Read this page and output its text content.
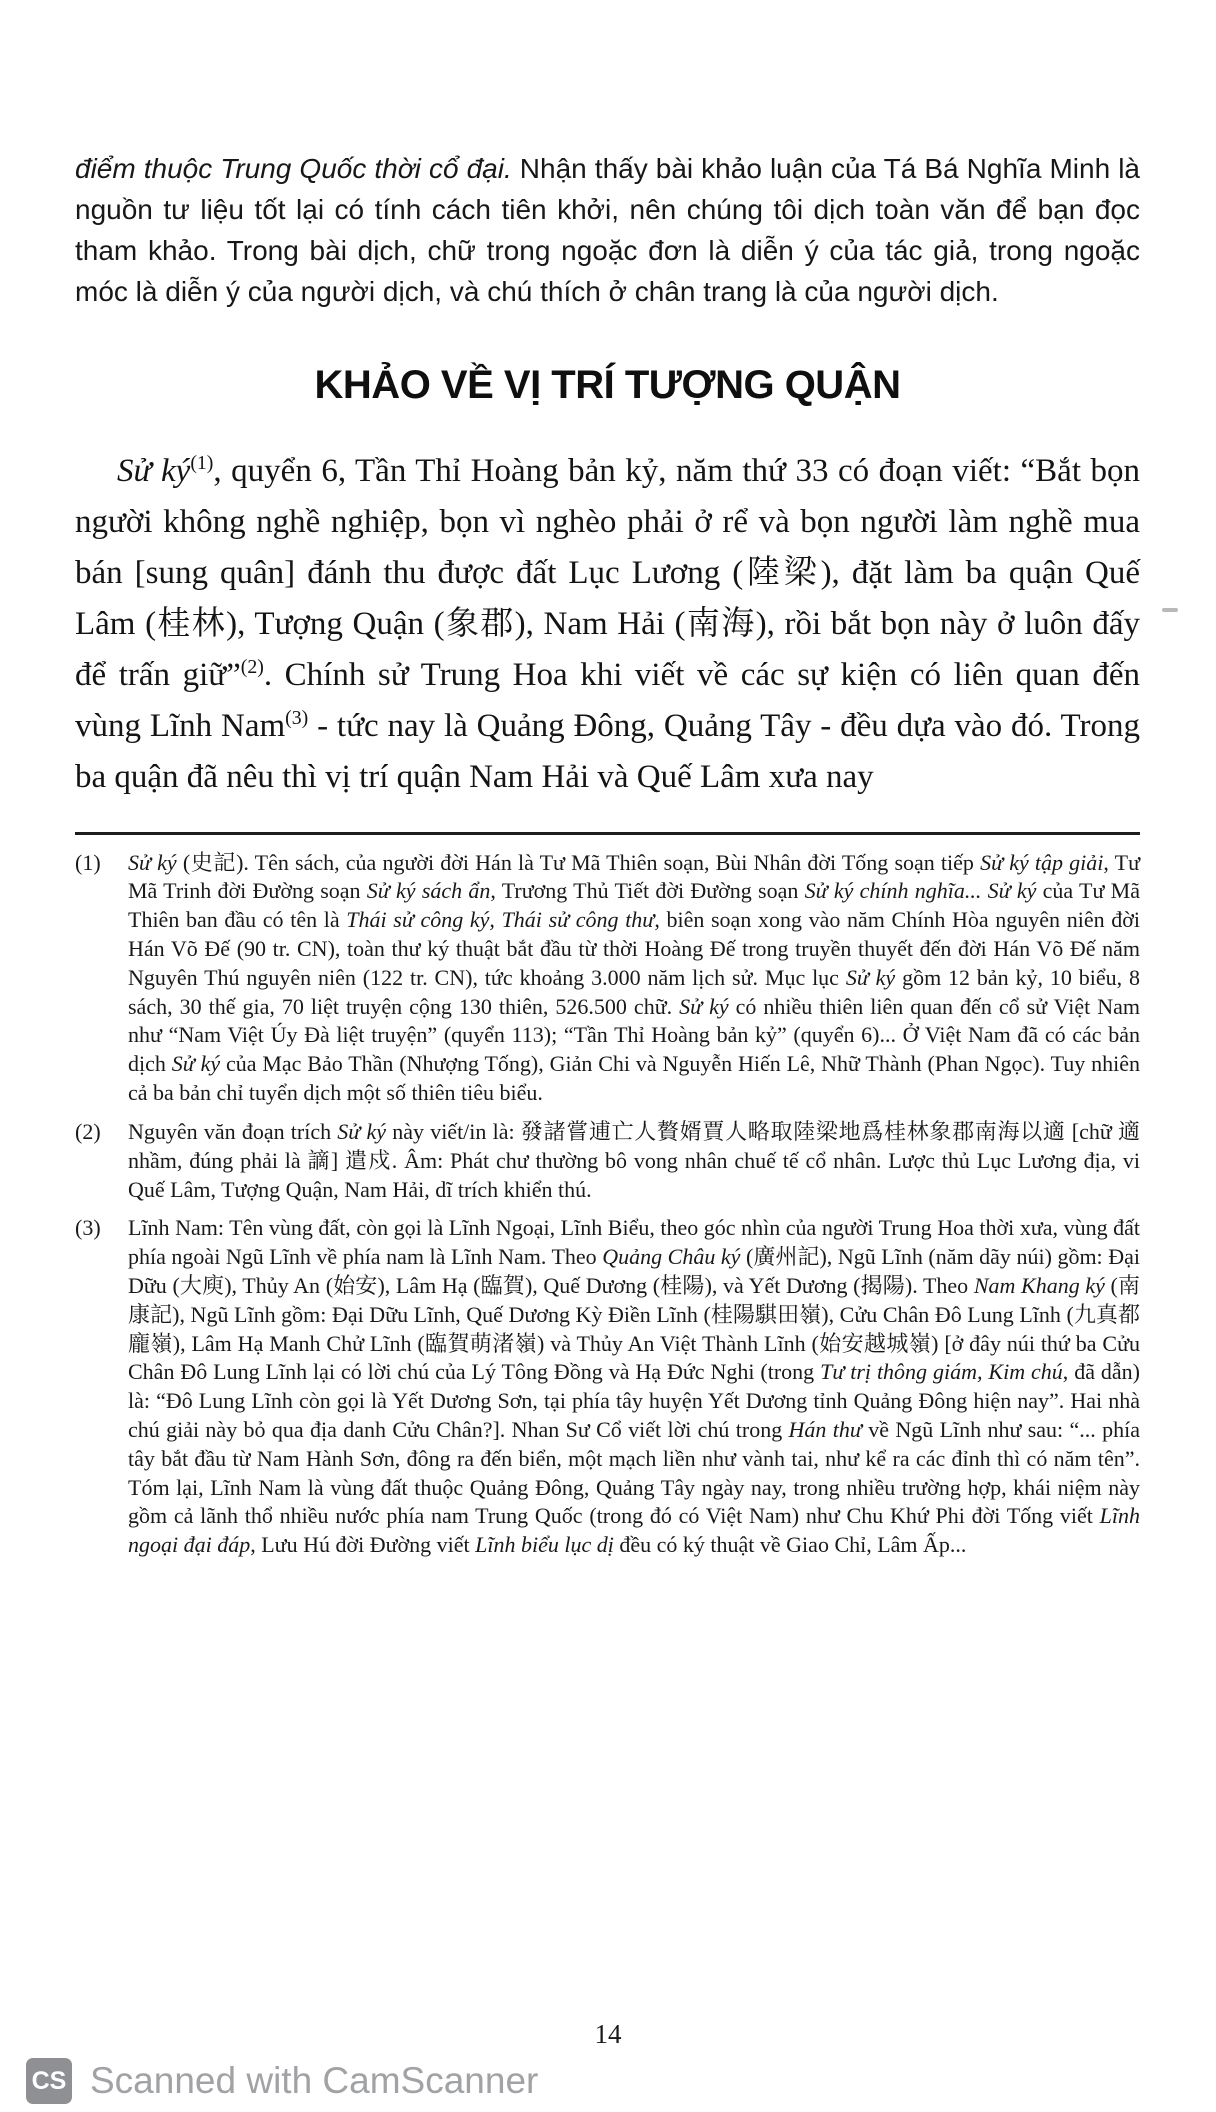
điểm thuộc Trung Quốc thời cổ đại. Nhận thấy bài khảo luận của Tá Bá Nghĩa Minh là nguồn tư liệu tốt lại có tính cách tiên khởi, nên chúng tôi dịch toàn văn để bạn đọc tham khảo. Trong bài dịch, chữ trong ngoặc đơn là diễn ý của tác giả, trong ngoặc móc là diễn ý của người dịch, và chú thích ở chân trang là của người dịch.

KHẢO VỀ VỊ TRÍ TƯỢNG QUẬN

Sử $ký^{(1)}$, quyển 6, Tần Thỉ Hoàng bản kỷ, năm thứ 33 có đoạn viết: “Bắt bọn người không nghề nghiệp, bọn vì nghèo phải ở rể và bọn người làm nghề mua bán [sung quân] đánh thu được đất Lục Lương (陸梁), đặt làm ba quận Quế Lâm (桂林), Tượng Quận (象郡), Nam Hải (南海), rồi bắt bọn này ở luôn đấy để trấn giữ”$^{(2)}$. Chính sử Trung Hoa khi viết về các sự kiện có liên quan đến vùng Lĩnh Nam$^{(3)}$ - tức nay là Quảng Đông, Quảng Tây - đều dựa vào đó. Trong ba quận đã nêu thì vị trí quận Nam Hải và Quế Lâm xưa nay

(1)	Sử ký (史記). Tên sách, của người đời Hán là Tư Mã Thiên soạn, Bùi Nhân đời Tống soạn tiếp Sử ký tập giải, Tư Mã Trinh đời Đường soạn Sử ký sách ẩn, Trương Thủ Tiết đời Đường soạn Sử ký chính nghĩa... Sử ký của Tư Mã Thiên ban đầu có tên là Thái sử công ký, Thái sử công thư, biên soạn xong vào năm Chính Hòa nguyên niên đời Hán Võ Đế (90 tr. CN), toàn thư ký thuật bắt đầu từ thời Hoàng Đế trong truyền thuyết đến đời Hán Võ Đế năm Nguyên Thú nguyên niên (122 tr. CN), tức khoảng 3.000 năm lịch sử. Mục lục Sử ký gồm 12 bản kỷ, 10 biểu, 8 sách, 30 thế gia, 70 liệt truyện cộng 130 thiên, 526.500 chữ. Sử ký có nhiều thiên liên quan đến cổ sử Việt Nam như “Nam Việt Úy Đà liệt truyện” (quyển 113); “Tần Thỉ Hoàng bản kỷ” (quyển 6)... Ở Việt Nam đã có các bản dịch Sử ký của Mạc Bảo Thần (Nhượng Tống), Giản Chi và Nguyễn Hiến Lê, Nhữ Thành (Phan Ngọc). Tuy nhiên cả ba bản chỉ tuyển dịch một số thiên tiêu biểu.
(2)	Nguyên văn đoạn trích Sử ký này viết/in là: 發諸嘗逋亡人贅婿賈人略取陸梁地爲桂林象郡南海以適 [chữ 適 nhầm, đúng phải là 謫] 遣戍. Âm: Phát chư thường bô vong nhân chuế tế cổ nhân. Lược thủ Lục Lương địa, vi Quế Lâm, Tượng Quận, Nam Hải, dĩ trích khiển thú.
(3)	Lĩnh Nam: Tên vùng đất, còn gọi là Lĩnh Ngoại, Lĩnh Biểu, theo góc nhìn của người Trung Hoa thời xưa, vùng đất phía ngoài Ngũ Lĩnh về phía nam là Lĩnh Nam. Theo Quảng Châu ký (廣州記), Ngũ Lĩnh (năm dãy núi) gồm: Đại Dữu (大庾), Thủy An (始安), Lâm Hạ (臨賀), Quế Dương (桂陽), và Yết Dương (揭陽). Theo Nam Khang ký (南康記), Ngũ Lĩnh gồm: Đại Dữu Lĩnh, Quế Dương Kỳ Điền Lĩnh (桂陽騏田嶺), Cửu Chân Đô Lung Lĩnh (九真都龐嶺), Lâm Hạ Manh Chử Lĩnh (臨賀萌渚嶺) và Thủy An Việt Thành Lĩnh (始安越城嶺) [ở đây núi thứ ba Cửu Chân Đô Lung Lĩnh lại có lời chú của Lý Tông Đồng và Hạ Đức Nghi (trong Tư trị thông giám, Kim chú, đã dẫn) là: “Đô Lung Lĩnh còn gọi là Yết Dương Sơn, tại phía tây huyện Yết Dương tỉnh Quảng Đông hiện nay”. Hai nhà chú giải này bỏ qua địa danh Cửu Chân?]. Nhan Sư Cổ viết lời chú trong Hán thư về Ngũ Lĩnh như sau: “... phía tây bắt đầu từ Nam Hành Sơn, đông ra đến biển, một mạch liền như vành tai, như kể ra các đỉnh thì có năm tên”. Tóm lại, Lĩnh Nam là vùng đất thuộc Quảng Đông, Quảng Tây ngày nay, trong nhiều trường hợp, khái niệm này gồm cả lãnh thổ nhiều nước phía nam Trung Quốc (trong đó có Việt Nam) như Chu Khứ Phi đời Tống viết Lĩnh ngoại đại đáp, Lưu Hú đời Đường viết Lĩnh biểu lục dị đều có ký thuật về Giao Chỉ, Lâm Ấp...
14
CS Scanned with CamScanner
